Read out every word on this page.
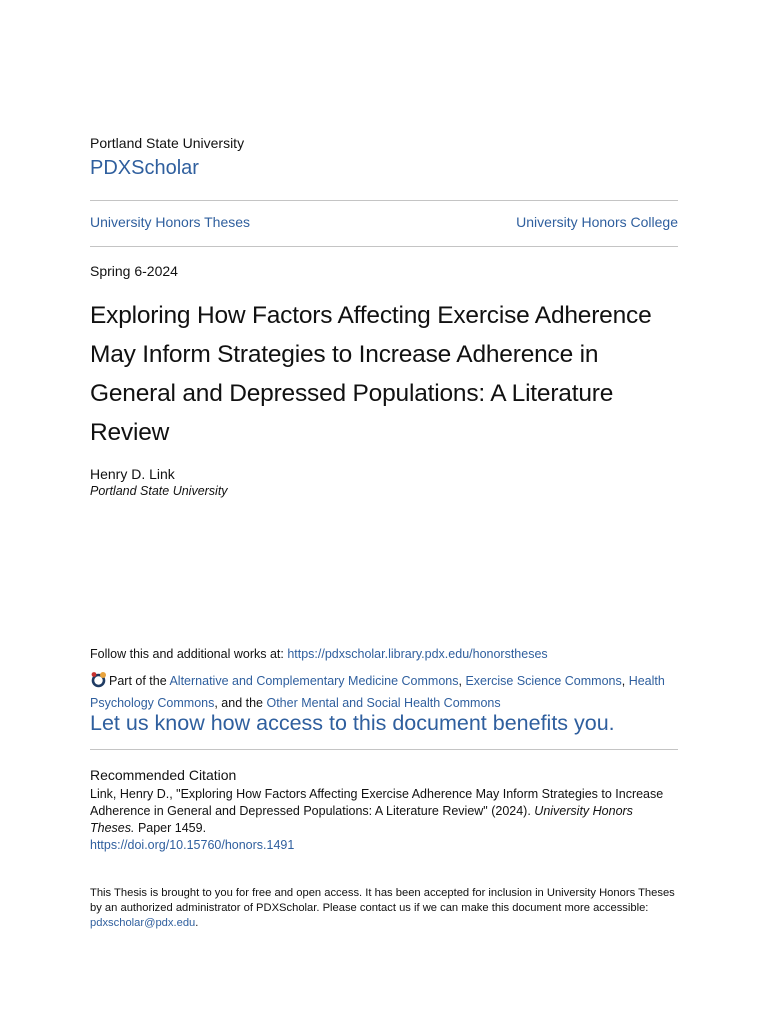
Portland State University
PDXScholar
University Honors Theses	University Honors College
Spring 6-2024
Exploring How Factors Affecting Exercise Adherence May Inform Strategies to Increase Adherence in General and Depressed Populations: A Literature Review
Henry D. Link
Portland State University
Follow this and additional works at: https://pdxscholar.library.pdx.edu/honorstheses
Part of the Alternative and Complementary Medicine Commons, Exercise Science Commons, Health Psychology Commons, and the Other Mental and Social Health Commons
Let us know how access to this document benefits you.
Recommended Citation
Link, Henry D., "Exploring How Factors Affecting Exercise Adherence May Inform Strategies to Increase Adherence in General and Depressed Populations: A Literature Review" (2024). University Honors Theses. Paper 1459.
https://doi.org/10.15760/honors.1491
This Thesis is brought to you for free and open access. It has been accepted for inclusion in University Honors Theses by an authorized administrator of PDXScholar. Please contact us if we can make this document more accessible: pdxscholar@pdx.edu.
